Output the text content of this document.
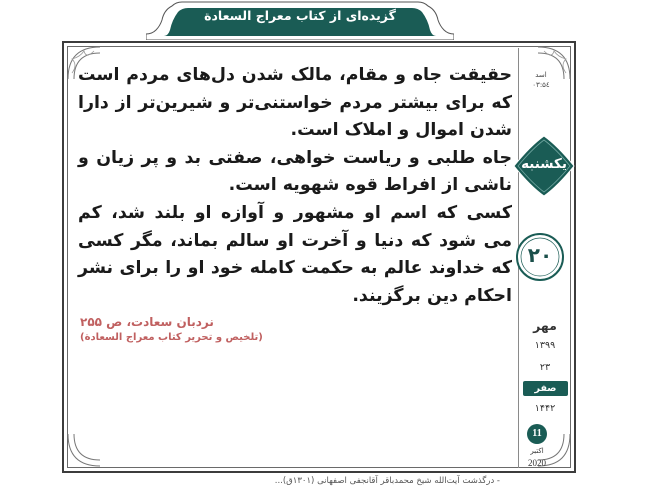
گزیده‌ای از کتاب معراج السعادة

حقیقت جاه و مقام، مالک شدن دل‌های مردم است که برای بیشتر مردم خواستنی‌تر و شیرین‌تر از دارا شدن اموال و املاک است.

جاه طلبی و ریاست خواهی، صفتی بد و پر زیان و ناشی از افراط قوه شهویه است.

کسی که اسم او مشهور و آوازه او بلند شد، کم می شود که دنیا و آخرت او سالم بماند، مگر کسی که خداوند عالم به حکمت کامله خود او را برای نشر احکام دین برگزیند.

نردبان سعادت، ص ۲۵۵
(تلخیص و تحریر کتاب معراج السعادة)
اسد
۰۳:۵٤
یکشنبه
۲۰
مهر
۱۳۹۹
۲۳
صفر
۱۴۴۲
11
اکتبر
2020
- درگذشت آیت‌الله شیخ محمدباقر آقانجفی اصفهانی (۱۳۰۱ق)...
